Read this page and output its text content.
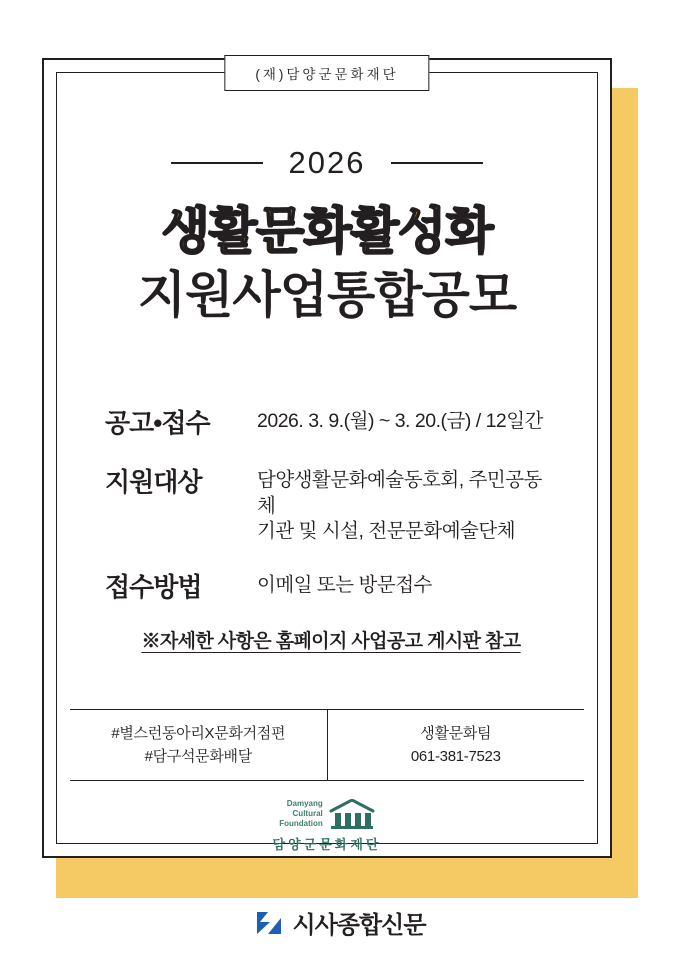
(재)담양군문화재단
2026
생활문화활성화
지원사업통합공모
공고•접수	2026. 3. 9.(월) ~ 3. 20.(금) / 12일간
지원대상	담양생활문화예술동호회, 주민공동체
기관 및 시설, 전문문화예술단체
접수방법	이메일 또는 방문접수
※자세한 사항은 홈페이지 사업공고 게시판 참고
#별스런동아리X문화거점편
#담구석문화배달
생활문화팀
061-381-7523
Damyang
Cultural
Foundation
담양군문화재단
시사종합신문
